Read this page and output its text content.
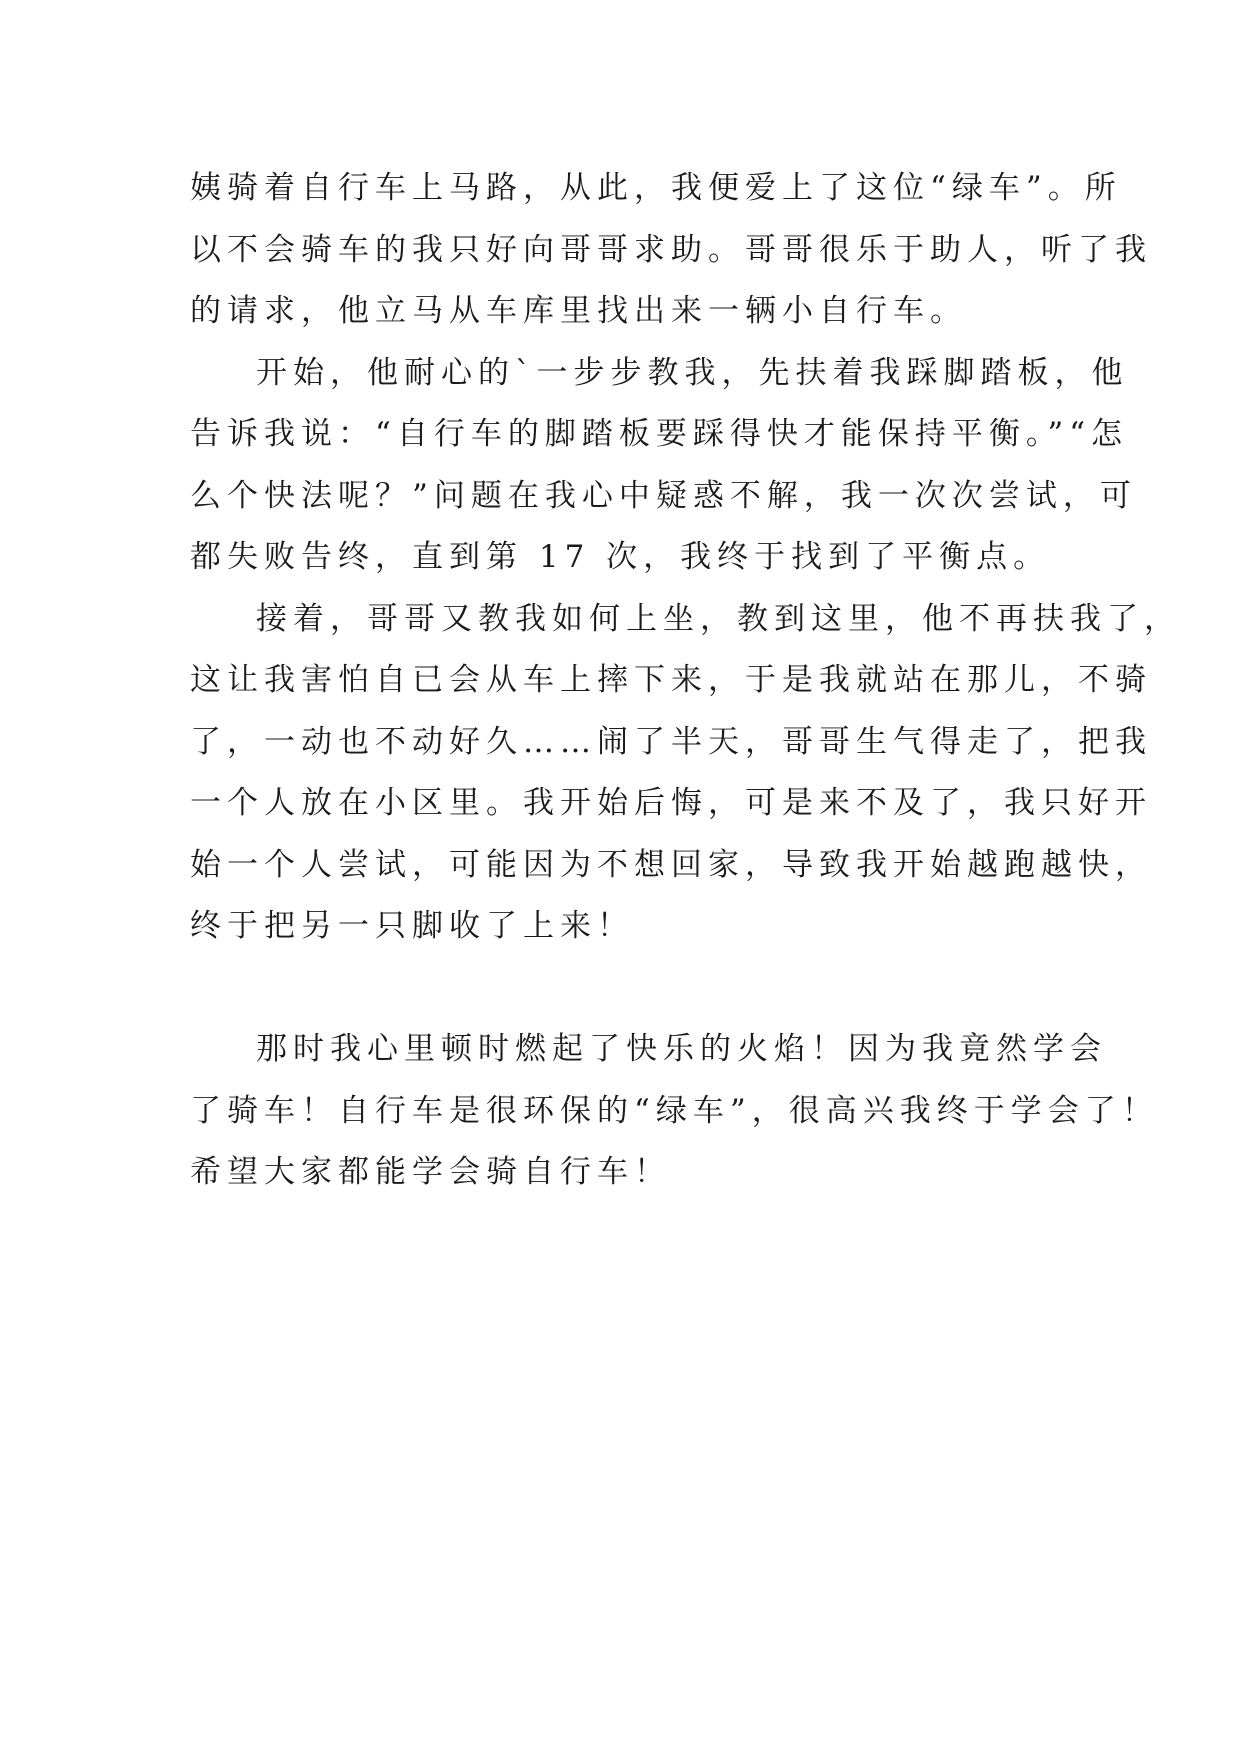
姨骑着自行车上马路，从此，我便爱上了这位“绿车”。所
以不会骑车的我只好向哥哥求助。哥哥很乐于助人，听了我
的请求，他立马从车库里找出来一辆小自行车。
开始，他耐心的`一步步教我，先扶着我踩脚踏板，他
告诉我说：“自行车的脚踏板要踩得快才能保持平衡。”“怎
么个快法呢？”问题在我心中疑惑不解，我一次次尝试，可
都失败告终，直到第 17 次，我终于找到了平衡点。
接着，哥哥又教我如何上坐，教到这里，他不再扶我了，
这让我害怕自已会从车上摔下来，于是我就站在那儿，不骑
了，一动也不动好久……闹了半天，哥哥生气得走了，把我
一个人放在小区里。我开始后悔，可是来不及了，我只好开
始一个人尝试，可能因为不想回家，导致我开始越跑越快，
终于把另一只脚收了上来！
那时我心里顿时燃起了快乐的火焰！因为我竟然学会
了骑车！自行车是很环保的“绿车”，很高兴我终于学会了！
希望大家都能学会骑自行车！
